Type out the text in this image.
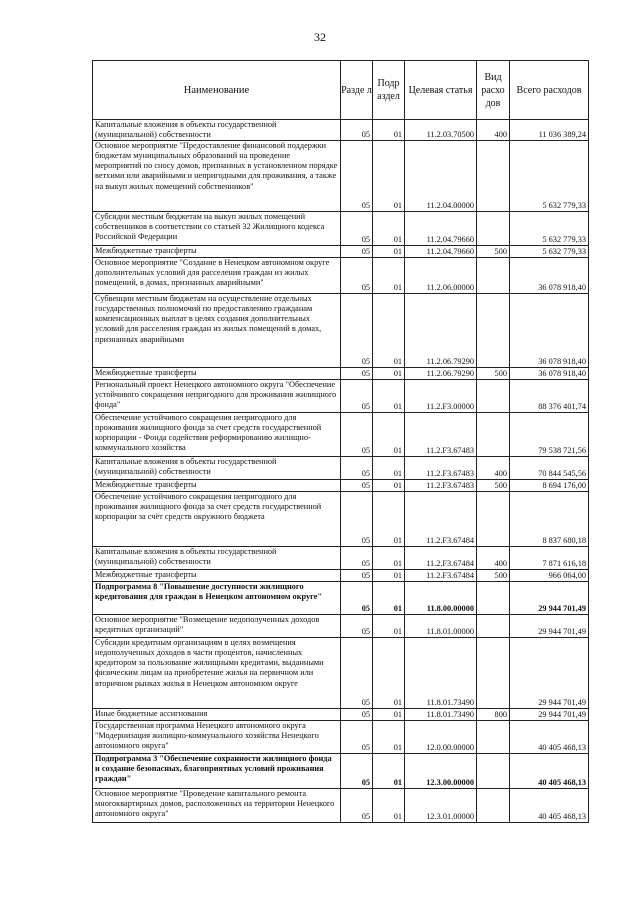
32
Наименование	Разде л	Подр аздел	Целевая статья	Вид расхо дов	Всего расходов
Капитальные вложения в объекты государственной (муниципальной) собственности	05	01	11.2.03.70500	400	11 036 389,24
Основное мероприятие "Предоставление финансовой поддержки бюджетам муниципальных образований на проведение мероприятий по сносу домов, признанных в установленном порядке ветхими или аварийными и непригодными для проживания, а также на выкуп жилых помещений собственников"	05	01	11.2.04.00000		5 632 779,33
Субсидии местным бюджетам на выкуп жилых помещений собственников в соответствии со статьей 32 Жилищного кодекса Российской Федерации	05	01	11.2.04.79660		5 632 779,33
Межбюджетные трансферты	05	01	11.2.04.79660	500	5 632 779,33
Основное мероприятие "Создание в Ненецком автономном округе дополнительных условий для расселения граждан из жилых помещений, в домах, признанных аварийными"	05	01	11.2.06.00000		36 078 918,40
Субвенции местным бюджетам на осуществление отдельных государственных полномочий по предоставлению гражданам компенсационных выплат в целях создания дополнительных условий для расселения граждан из жилых помещений в домах, признанных аварийными	05	01	11.2.06.79290		36 078 918,40
Межбюджетные трансферты	05	01	11.2.06.79290	500	36 078 918,40
Региональный проект Ненецкого автономного округа "Обеспечение устойчивого сокращения непригодного для проживания жилищного фонда"	05	01	11.2.F3.00000		88 376 401,74
Обеспечение устойчивого сокращения непригодного для проживания жилищного фонда за счет средств государственной корпорации - Фонда содействия реформированию жилищно-коммунального хозяйства	05	01	11.2.F3.67483		79 538 721,56
Капитальные вложения в объекты государственной (муниципальной) собственности	05	01	11.2.F3.67483	400	70 844 545,56
Межбюджетные трансферты	05	01	11.2.F3.67483	500	8 694 176,00
Обеспечение устойчивого сокращения непригодного для проживания жилищного фонда за счет средств государственной корпорации за счёт средств окружного бюджета	05	01	11.2.F3.67484		8 837 680,18
Капитальные вложения в объекты государственной (муниципальной) собственности	05	01	11.2.F3.67484	400	7 871 616,18
Межбюджетные трансферты	05	01	11.2.F3.67484	500	966 064,00
Подпрограмма 8 "Повышение доступности жилищного кредитования для граждан в Ненецком автономном округе"	05	01	11.8.00.00000		29 944 701,49
Основное мероприятие "Возмещение недополученных доходов кредитных организаций"	05	01	11.8.01.00000		29 944 701,49
Субсидии кредитным организациям в целях возмещения недополученных доходов в части процентов, начисленных кредитором за пользование жилищными кредитами, выданными физическим лицам на приобретение жилья на первичном или вторичном рынках жилья в Ненецком автономном округе	05	01	11.8.01.73490		29 944 701,49
Иные бюджетные ассигнования	05	01	11.8.01.73490	800	29 944 701,49
Государственная программа Ненецкого автономного округа "Модернизация жилищно-коммунального хозяйства Ненецкого автономного округа"	05	01	12.0.00.00000		40 405 468,13
Подпрограмма 3 "Обеспечение сохранности жилищного фонда и создание безопасных, благоприятных условий проживания граждан"	05	01	12.3.00.00000		40 405 468,13
Основное мероприятие "Проведение капитального ремонта многоквартирных домов, расположенных на территории Ненецкого автономного округа"	05	01	12.3.01.00000		40 405 468,13
